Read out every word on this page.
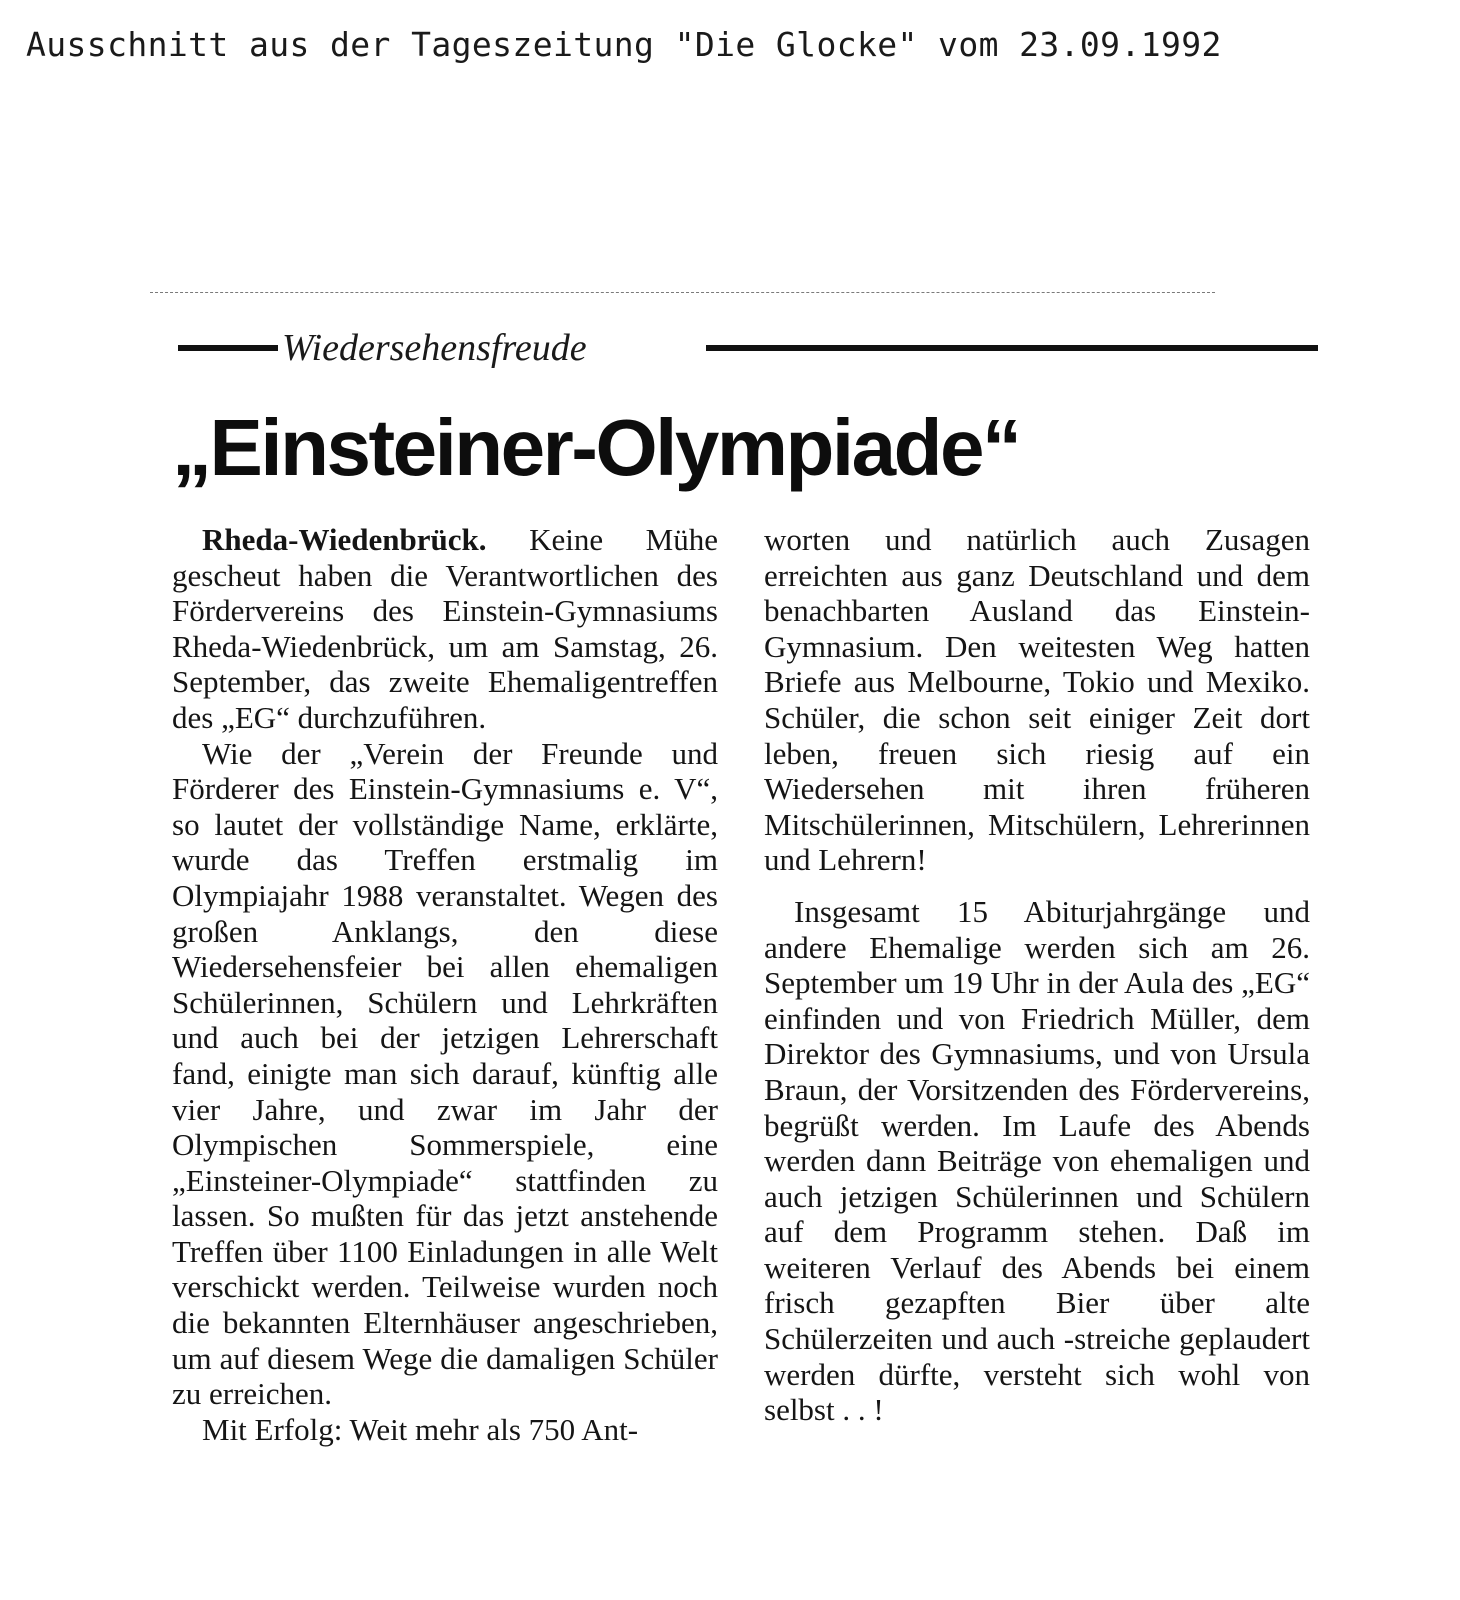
Ausschnitt aus der Tageszeitung "Die Glocke" vom 23.09.1992
Wiedersehensfreude
„Einsteiner-Olympiade“

Rheda-Wiedenbrück. Keine Mühe gescheut haben die Verantwortlichen des Fördervereins des Einstein-Gymnasiums Rheda-Wiedenbrück, um am Samstag, 26. September, das zweite Ehemaligentreffen des „EG“ durchzuführen.

Wie der „Verein der Freunde und Förderer des Einstein-Gymnasiums e. V“, so lautet der vollständige Name, erklärte, wurde das Treffen erstmalig im Olympiajahr 1988 veranstaltet. Wegen des großen Anklangs, den diese Wiedersehensfeier bei allen ehemaligen Schülerinnen, Schülern und Lehrkräften und auch bei der jetzigen Lehrerschaft fand, einigte man sich darauf, künftig alle vier Jahre, und zwar im Jahr der Olympischen Sommerspiele, eine „Einsteiner-Olympiade“ stattfinden zu lassen. So mußten für das jetzt anstehende Treffen über 1100 Einladungen in alle Welt verschickt werden. Teilweise wurden noch die bekannten Elternhäuser angeschrieben, um auf diesem Wege die damaligen Schüler zu erreichen.

Mit Erfolg: Weit mehr als 750 Ant-

worten und natürlich auch Zusagen erreichten aus ganz Deutschland und dem benachbarten Ausland das Einstein-Gymnasium. Den weitesten Weg hatten Briefe aus Melbourne, Tokio und Mexiko. Schüler, die schon seit einiger Zeit dort leben, freuen sich riesig auf ein Wiedersehen mit ihren früheren Mitschülerinnen, Mitschülern, Lehrerinnen und Lehrern!

Insgesamt 15 Abiturjahrgänge und andere Ehemalige werden sich am 26. September um 19 Uhr in der Aula des „EG“ einfinden und von Friedrich Müller, dem Direktor des Gymnasiums, und von Ursula Braun, der Vorsitzenden des Fördervereins, begrüßt werden. Im Laufe des Abends werden dann Beiträge von ehemaligen und auch jetzigen Schülerinnen und Schülern auf dem Programm stehen. Daß im weiteren Verlauf des Abends bei einem frisch gezapften Bier über alte Schülerzeiten und auch -streiche geplaudert werden dürfte, versteht sich wohl von selbst . . !
